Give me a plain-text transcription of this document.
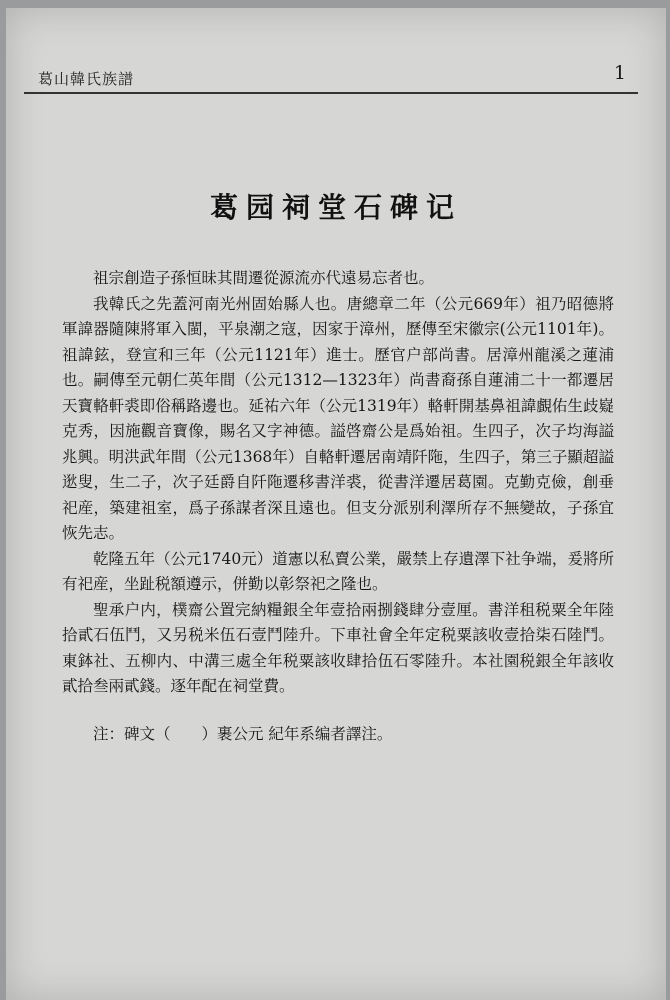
葛山韓氏族譜	1
葛园祠堂石碑记

祖宗創造子孫恒昧其間遷從源流亦代遠易忘者也。

我韓氏之先蓋河南光州固始縣人也。唐總章二年（公元669年）祖乃昭德將軍諱器隨陳將軍入閩，平泉潮之寇，因家于漳州，歷傳至宋徽宗(公元1101年)。祖諱鉉，登宣和三年（公元1121年）進士。歷官户部尚書。居漳州龍溪之蓮浦也。嗣傳至元朝仁英年間（公元1312—1323年）尚書裔孫自蓮浦二十一都遷居天寶輅軒裘即俗稱路邊也。延祐六年（公元1319年）輅軒開基鼻祖諱覰佑生歧嶷克秀，因施觀音寶像，賜名又字神德。謚啓齋公是爲始祖。生四子，次子均海謚兆興。明洪武年間（公元1368年）自輅軒遷居南靖阡陁，生四子，第三子顯超謚逖叟，生二子，次子廷爵自阡陁遷移書洋裘，從書洋遷居葛園。克勤克儉，創垂祀産，築建祖室，爲子孫謀者深且遠也。但支分派别利澤所存不無變故，子孫宜恢先志。

乾隆五年（公元1740元）道憲以私賣公業，嚴禁上存遺澤下社争端，爰將所有祀産，坐趾税額遵示，併勤以彰祭祀之隆也。

聖承户内，樸齋公置完納糧銀全年壹拾兩捌錢肆分壹厘。書洋租税粟全年陸拾貳石伍鬥，又另税米伍石壹鬥陸升。下車社會全年定税粟該收壹拾柒石陸鬥。東鉢社、五柳内、中溝三處全年税粟該收肆拾伍石零陸升。本社園税銀全年該收貳拾叁兩貳錢。逐年配在祠堂費。

注：碑文（　　）裹公元 紀年系编者譯注。
